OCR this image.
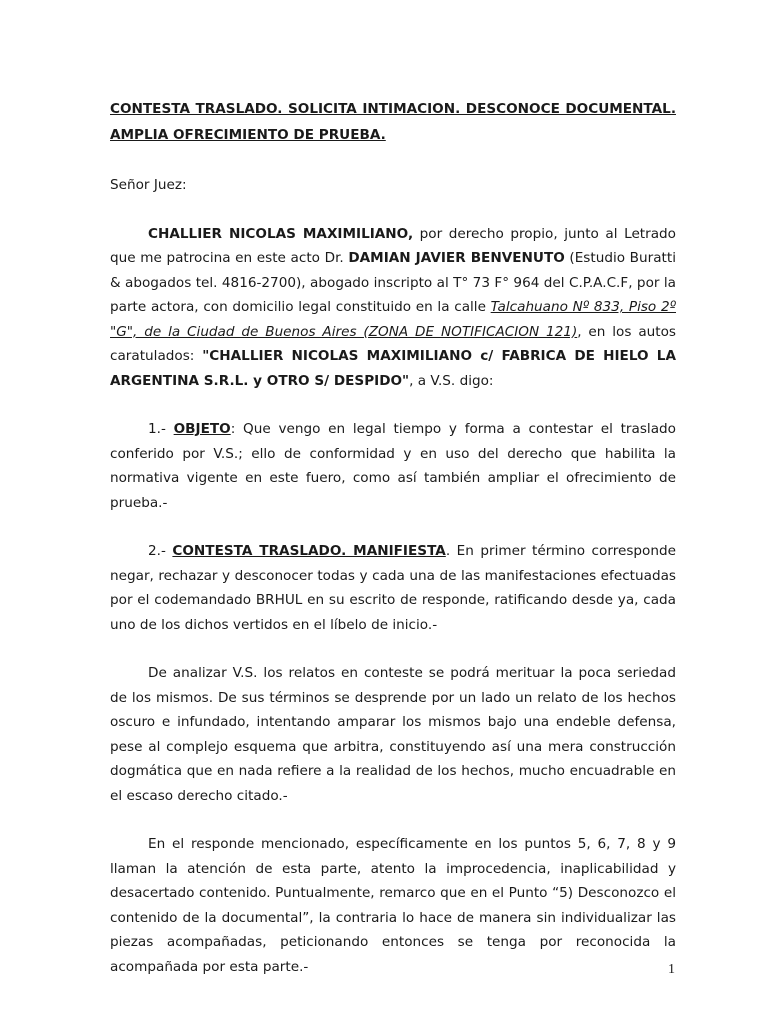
CONTESTA TRASLADO. SOLICITA INTIMACION. DESCONOCE DOCUMENTAL. AMPLIA OFRECIMIENTO DE PRUEBA.

Señor Juez:

CHALLIER NICOLAS MAXIMILIANO, por derecho propio, junto al Letrado que me patrocina en este acto Dr. DAMIAN JAVIER BENVENUTO (Estudio Buratti & abogados tel. 4816-2700), abogado inscripto al T° 73 F° 964 del C.P.A.C.F, por la parte actora, con domicilio legal constituido en la calle Talcahuano Nº 833, Piso 2º "G", de la Ciudad de Buenos Aires (ZONA DE NOTIFICACION 121), en los autos caratulados: "CHALLIER NICOLAS MAXIMILIANO c/ FABRICA DE HIELO LA ARGENTINA S.R.L. y OTRO S/ DESPIDO", a V.S. digo:

1.- OBJETO: Que vengo en legal tiempo y forma a contestar el traslado conferido por V.S.; ello de conformidad y en uso del derecho que habilita la normativa vigente en este fuero, como así también ampliar el ofrecimiento de prueba.-

2.- CONTESTA TRASLADO. MANIFIESTA. En primer término corresponde negar, rechazar y desconocer todas y cada una de las manifestaciones efectuadas por el codemandado BRHUL en su escrito de responde, ratificando desde ya, cada uno de los dichos vertidos en el líbelo de inicio.-

De analizar V.S. los relatos en conteste se podrá merituar la poca seriedad de los mismos. De sus términos se desprende por un lado un relato de los hechos oscuro e infundado, intentando amparar los mismos bajo una endeble defensa, pese al complejo esquema que arbitra, constituyendo así una mera construcción dogmática que en nada refiere a la realidad de los hechos, mucho encuadrable en el escaso derecho citado.-

En el responde mencionado, específicamente en los puntos 5, 6, 7, 8 y 9 llaman la atención de esta parte, atento la improcedencia, inaplicabilidad y desacertado contenido. Puntualmente, remarco que en el Punto “5) Desconozco el contenido de la documental”, la contraria lo hace de manera sin individualizar las piezas acompañadas, peticionando entonces se tenga por reconocida la acompañada por esta parte.-	1
